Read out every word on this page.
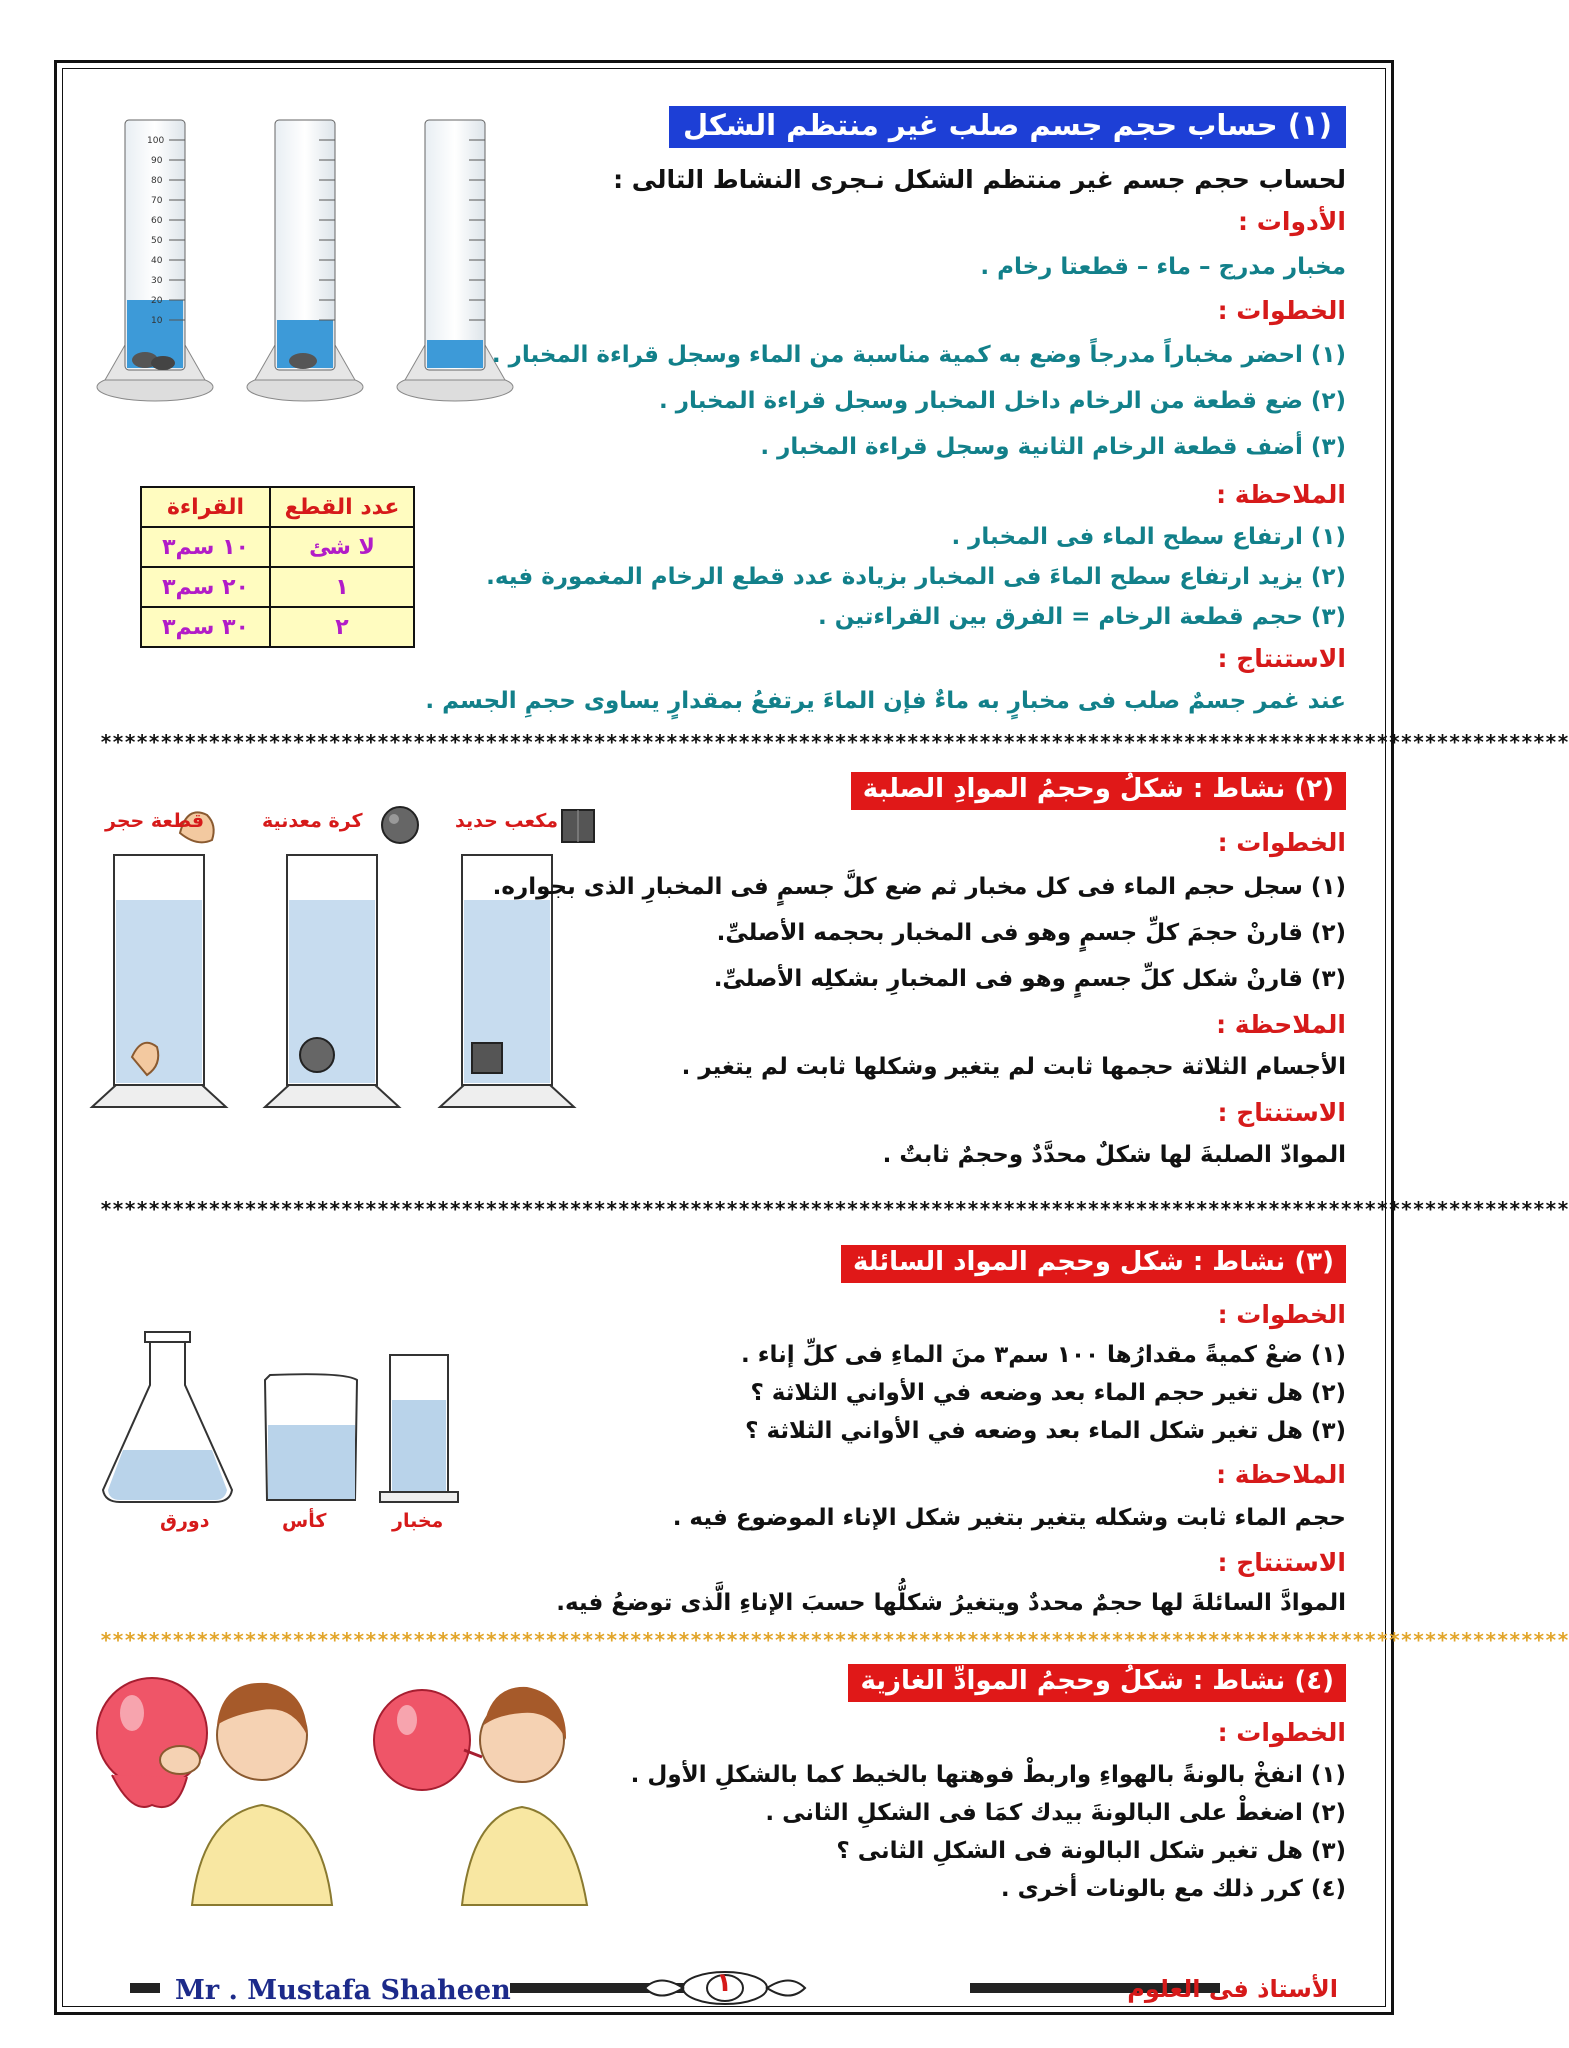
100
90
80
70
60
50
40
30
20
10
(١) حساب حجم جسم صلب غير منتظم الشكل
لحساب حجم جسم غير منتظم الشكل نـجرى النشاط التالى :
الأدوات :
مخبار مدرج – ماء – قطعتا رخام .
الخطوات :
(١) احضر مخباراً مدرجاً وضع به كمية مناسبة من الماء وسجل قراءة المخبار .
(٢) ضع قطعة من الرخام داخل المخبار وسجل قراءة المخبار .
(٣) أضف قطعة الرخام الثانية وسجل قراءة المخبار .
الملاحظة :
(١) ارتفاع سطح الماء فى المخبار .
(٢) يزيد ارتفاع سطح الماءَ فى المخبار بزيادة عدد قطع الرخام المغمورة فيه.
(٣) حجم قطعة الرخام = الفرق بين القراءتين .
الاستنتاج :
عند غمر جسمٌ صلب فى مخبارٍ به ماءٌ فإن الماءَ يرتفعُ بمقدارٍ يساوى حجمِ الجسم .
عدد القطع	القراءة
لا شئ	١٠ سم٣
١	٢٠ سم٣
٢	٣٠ سم٣
**************************************************************************************************************************
قطعة حجر	كرة معدنية	مكعب حديد
(٢) نشاط : شكلُ وحجمُ الموادِ الصلبة
الخطوات :
(١) سجل حجم الماء فى كل مخبار ثم ضع كلَّ جسمٍ فى المخبارِ الذى بجواره.
(٢) قارنْ حجمَ كلِّ جسمٍ وهو فى المخبار بحجمه الأصلىِّ.
(٣) قارنْ شكل كلِّ جسمٍ وهو فى المخبارِ بشكلِه الأصلىِّ.
الملاحظة :
الأجسام الثلاثة حجمها ثابت لم يتغير وشكلها ثابت لم يتغير .
الاستنتاج :
الموادّ الصلبةَ لها شكلٌ محدَّدٌ وحجمٌ ثابتٌ .
**************************************************************************************************************************
دورق	كأس	مخبار
(٣) نشاط : شكل وحجم المواد السائلة
الخطوات :
(١) ضعْ كميةً مقدارُها ١٠٠ سم٣ منَ الماءِ فى كلِّ إناء .
(٢) هل تغير حجم الماء بعد وضعه في الأواني الثلاثة ؟
(٣) هل تغير شكل الماء بعد وضعه في الأواني الثلاثة ؟
الملاحظة :
حجم الماء ثابت وشكله يتغير بتغير شكل الإناء الموضوع فيه .
الاستنتاج :
الموادَّ السائلةَ لها حجمٌ محددٌ ويتغيرُ شكلُّها حسبَ الإناءِ الَّذى توضعُ فيه.
**************************************************************************************************************************
(٤) نشاط : شكلُ وحجمُ الموادِّ الغازية
الخطوات :
(١) انفخْ بالونةً بالهواءِ واربطْ فوهتها بالخيط كما بالشكلِ الأول .
(٢) اضغطْ على البالونةَ بيدك كمَا فى الشكلِ الثانى .
(٣) هل تغير شكل البالونة فى الشكلِ الثانى ؟
(٤) كرر ذلك مع بالونات أخرى .
Mr . Mustafa Shaheen	١	الأستاذ فى العلوم
